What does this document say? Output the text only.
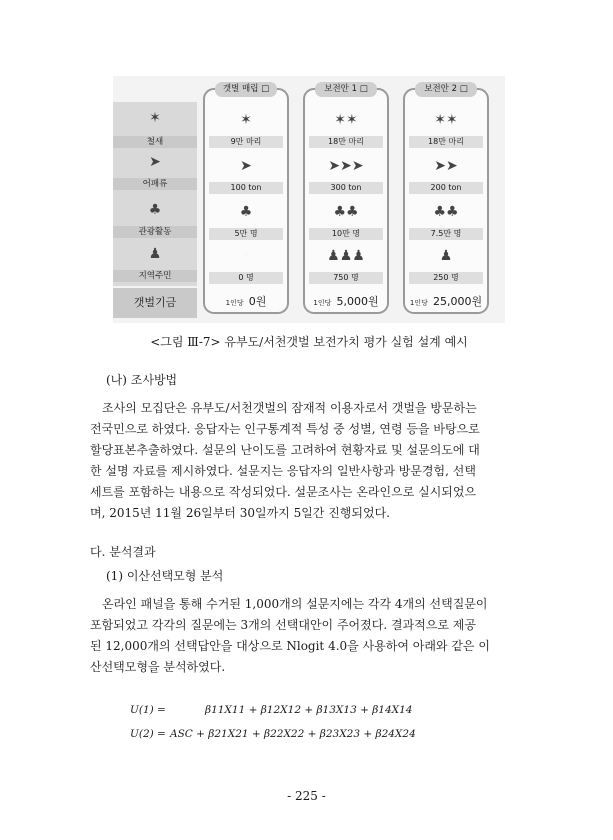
✶
철새
➤
어패류
♣
관광활동
♟
지역주민
갯벌기금
갯벌 매립 □
✶
9만 마리
➤
100 ton
♣
5만 명
·
0 명
1인당 0원
보전안 1 □
✶✶
18만 마리
➤➤➤
300 ton
♣♣
10만 명
♟♟♟
750 명
1인당 5,000원
보전안 2 □
✶✶
18만 마리
➤➤
200 ton
♣♣
7.5만 명
♟
250 명
1인당 25,000원
<그림 Ⅲ-7> 유부도/서천갯벌 보전가치 평가 실험 설계 예시
(나) 조사방법
조사의 모집단은 유부도/서천갯벌의 잠재적 이용자로서 갯벌을 방문하는
전국민으로 하였다. 응답자는 인구통계적 특성 중 성별, 연령 등을 바탕으로
할당표본추출하였다. 설문의 난이도를 고려하여 현황자료 및 설문의도에 대
한 설명 자료를 제시하였다. 설문지는 응답자의 일반사항과 방문경험, 선택
세트를 포함하는 내용으로 작성되었다. 설문조사는 온라인으로 실시되었으
며, 2015년 11월 26일부터 30일까지 5일간 진행되었다.
다. 분석결과
(1) 이산선택모형 분석
온라인 패널을 통해 수거된 1,000개의 설문지에는 각각 4개의 선택질문이
포함되었고 각각의 질문에는 3개의 선택대안이 주어졌다. 결과적으로 제공
된 12,000개의 선택답안을 대상으로 Nlogit 4.0을 사용하여 아래와 같은 이
산선택모형을 분석하였다.
U(1) =	β11X11 + β12X12 + β13X13 + β14X14
U(2) = ASC + β21X21 + β22X22 + β23X23 + β24X24
- 225 -
